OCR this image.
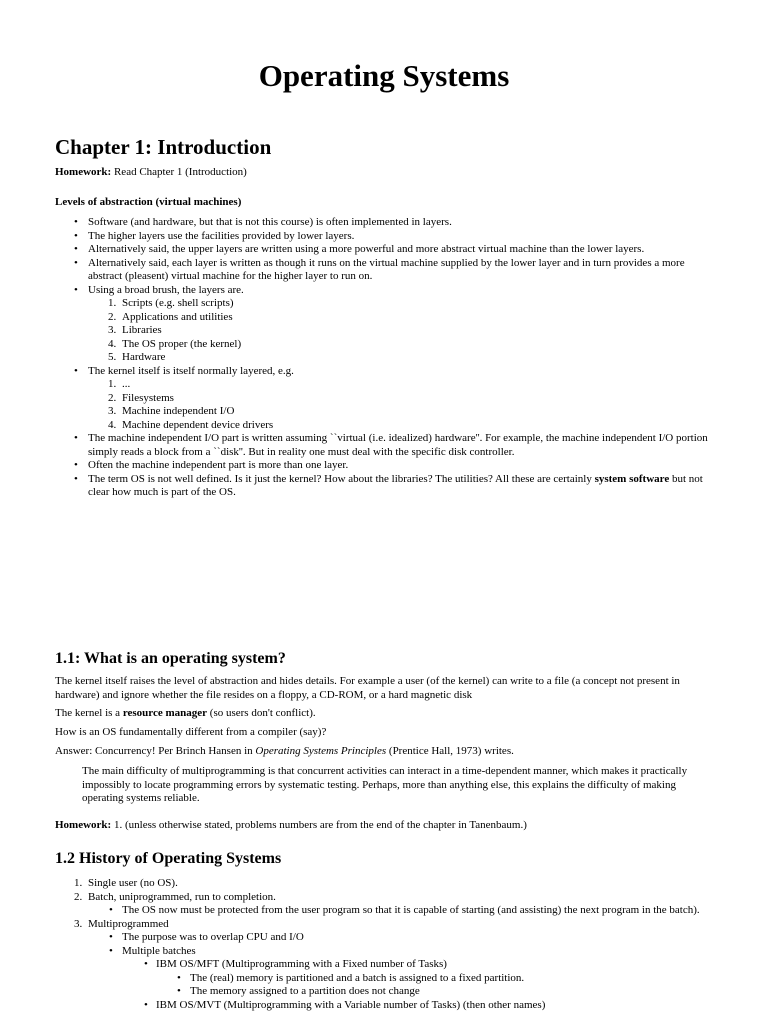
Operating Systems
Chapter 1: Introduction
Homework: Read Chapter 1 (Introduction)
Levels of abstraction (virtual machines)
• Software (and hardware, but that is not this course) is often implemented in layers.
• The higher layers use the facilities provided by lower layers.
• Alternatively said, the upper layers are written using a more powerful and more abstract virtual machine than the lower layers.
• Alternatively said, each layer is written as though it runs on the virtual machine supplied by the lower layer and in turn provides a more abstract (pleasent) virtual machine for the higher layer to run on.
• Using a broad brush, the layers are.
1. Scripts (e.g. shell scripts)
2. Applications and utilities
3. Libraries
4. The OS proper (the kernel)
5. Hardware
• The kernel itself is itself normally layered, e.g.
1. ...
2. Filesystems
3. Machine independent I/O
4. Machine dependent device drivers
• The machine independent I/O part is written assuming ``virtual (i.e. idealized) hardware''. For example, the machine independent I/O portion simply reads a block from a ``disk''. But in reality one must deal with the specific disk controller.
• Often the machine independent part is more than one layer.
• The term OS is not well defined. Is it just the kernel? How about the libraries? The utilities? All these are certainly system software but not clear how much is part of the OS.
1.1: What is an operating system?
The kernel itself raises the level of abstraction and hides details. For example a user (of the kernel) can write to a file (a concept not present in hardware) and ignore whether the file resides on a floppy, a CD-ROM, or a hard magnetic disk
The kernel is a resource manager (so users don't conflict).
How is an OS fundamentally different from a compiler (say)?
Answer: Concurrency! Per Brinch Hansen in Operating Systems Principles (Prentice Hall, 1973) writes.
The main difficulty of multiprogramming is that concurrent activities can interact in a time-dependent manner, which makes it practically impossibly to locate programming errors by systematic testing. Perhaps, more than anything else, this explains the difficulty of making operating systems reliable.
Homework: 1. (unless otherwise stated, problems numbers are from the end of the chapter in Tanenbaum.)
1.2 History of Operating Systems
1. Single user (no OS).
2. Batch, uniprogrammed, run to completion.
• The OS now must be protected from the user program so that it is capable of starting (and assisting) the next program in the batch).
3. Multiprogrammed
• The purpose was to overlap CPU and I/O
• Multiple batches
• IBM OS/MFT (Multiprogramming with a Fixed number of Tasks)
• The (real) memory is partitioned and a batch is assigned to a fixed partition.
• The memory assigned to a partition does not change
• IBM OS/MVT (Multiprogramming with a Variable number of Tasks) (then other names)
